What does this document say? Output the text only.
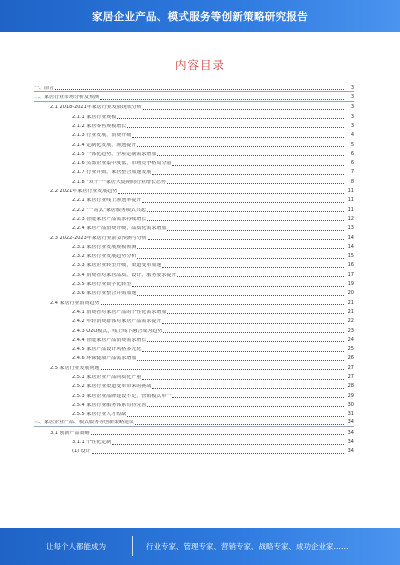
家居企业产品、模式服务等创新策略研究报告
内容目录
一、前言	3
二、家居行业市场分析及预测	3
2.1 2018-2021年家居行业发展现状分析	3
2.1.1 家居行业规模	3
2.1.2 家居零售规模增长	3
2.1.3 行业发展，消费升级	4
2.1.4 定制化发展，渗透提升	5
2.1.5 一体化趋势，全屋定制需求增加	6
2.1.6 头部企业集中度低，市场竞争格局分散	6
2.1.7 行业并购，家居整合加速发展	7
2.1.8 "双十一"家居大促期间行业增长态势	8
2.2 2021年家居行业发展趋势	11
2.2.1 家居行业线上渗透率提升	11
2.2.2 "一站式"家居服务模式兴起	11
2.2.3 智能家居产品需求持续增长	12
2.2.4 家居产品消费升级，品质化需求增加	13
2.3 2022-2023年家居行业前景预测与分析	14
2.3.1 家居行业发展规模预测	14
2.3.2 家居行业发展趋势分析	15
2.3.3 家居企业转型升级，渠道变革加速	16
2.3.4 消费者对家居品质、设计、服务要求提升	17
2.3.5 家居行业数字化转型	19
2.3.6 家居行业整合并购加速	20
2.4 家居行业消费趋势	21
2.4.1 消费者对家居产品的个性化需求增加	21
2.4.2 年轻消费群体对家居产品需求提升	22
2.4.3 O2O模式，线上线下融合成为趋势	23
2.4.4 智能家居产品消费需求增长	24
2.4.5 家居产品设计风格多元化	25
2.4.6 环保健康产品需求增加	26
2.5 家居行业发展问题	27
2.5.1 家居企业产品同质化严重	27
2.5.2 家居行业渠道变革带来的挑战	28
2.5.3 家居企业品牌建设不足，营销模式单一	29
2.5.4 家居行业服务体系有待完善	30
2.5.5 家居行业人才短缺	31
三、家居企业产品、模式服务等创新策略建议	34
3.1 创新产品策略	34
3.1.1 个性化定制	34
(1) 设计	34
让每个人都能成为	行业专家、管理专家、营销专家、战略专家、成功企业家……
